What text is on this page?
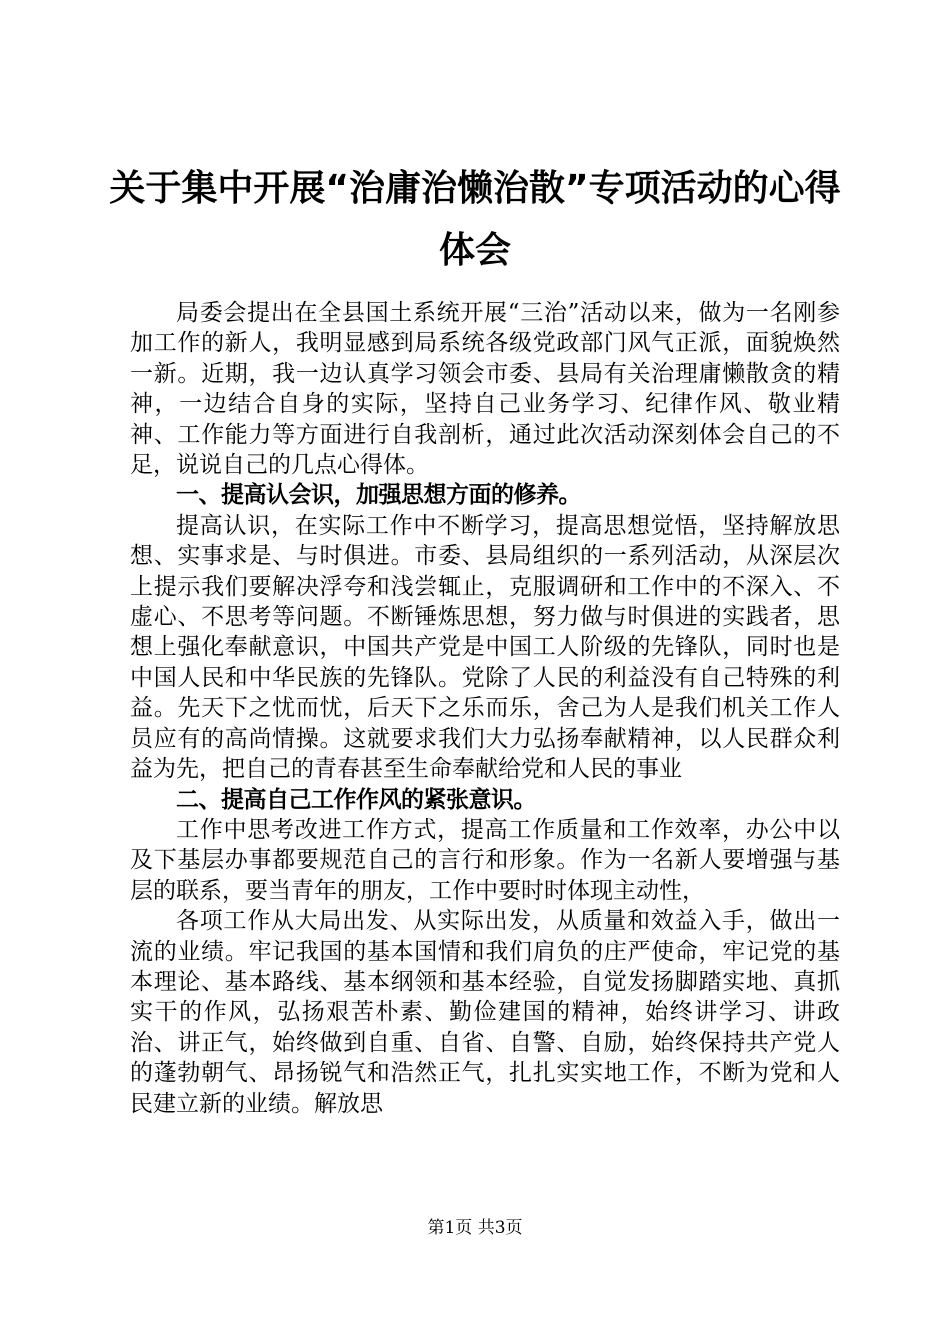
关于集中开展“治庸治懒治散”专项活动的心得体会

局委会提出在全县国土系统开展“三治”活动以来，做为一名刚参加工作的新人，我明显感到局系统各级党政部门风气正派，面貌焕然一新。近期，我一边认真学习领会市委、县局有关治理庸懒散贪的精神，一边结合自身的实际，坚持自己业务学习、纪律作风、敬业精神、工作能力等方面进行自我剖析，通过此次活动深刻体会自己的不足，说说自己的几点心得体。

一、提高认会识，加强思想方面的修养。

提高认识，在实际工作中不断学习，提高思想觉悟，坚持解放思想、实事求是、与时俱进。市委、县局组织的一系列活动，从深层次上提示我们要解决浮夸和浅尝辄止，克服调研和工作中的不深入、不虚心、不思考等问题。不断锤炼思想，努力做与时俱进的实践者，思想上强化奉献意识，中国共产党是中国工人阶级的先锋队，同时也是中国人民和中华民族的先锋队。党除了人民的利益没有自己特殊的利益。先天下之忧而忧，后天下之乐而乐，舍己为人是我们机关工作人员应有的高尚情操。这就要求我们大力弘扬奉献精神，以人民群众利益为先，把自己的青春甚至生命奉献给党和人民的事业

二、提高自己工作作风的紧张意识。

工作中思考改进工作方式，提高工作质量和工作效率，办公中以及下基层办事都要规范自己的言行和形象。作为一名新人要增强与基层的联系，要当青年的朋友，工作中要时时体现主动性，

各项工作从大局出发、从实际出发，从质量和效益入手，做出一流的业绩。牢记我国的基本国情和我们肩负的庄严使命，牢记党的基本理论、基本路线、基本纲领和基本经验，自觉发扬脚踏实地、真抓实干的作风，弘扬艰苦朴素、勤俭建国的精神，始终讲学习、讲政治、讲正气，始终做到自重、自省、自警、自励，始终保持共产党人的蓬勃朝气、昂扬锐气和浩然正气，扎扎实实地工作，不断为党和人民建立新的业绩。解放思

第1页 共3页
